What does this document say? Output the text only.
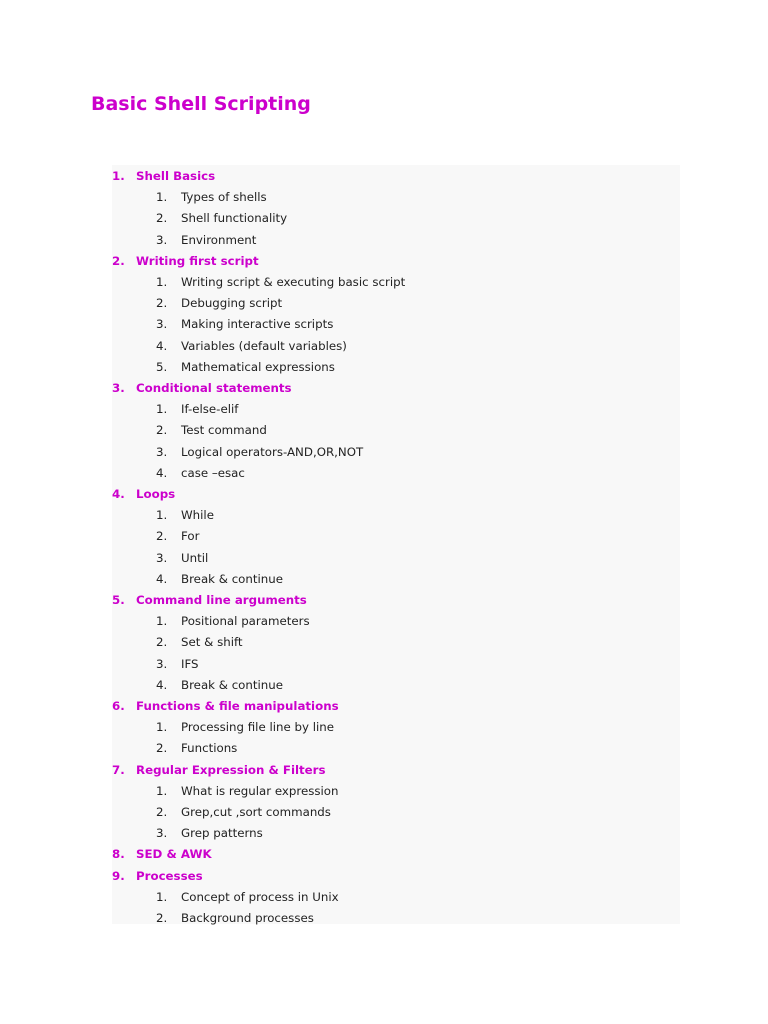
Basic Shell Scripting
1. Shell Basics
1.	Types of shells
2.	Shell functionality
3.	Environment
2. Writing first script
1.	Writing script & executing basic script
2.	Debugging script
3.	Making interactive scripts
4.	Variables (default variables)
5.	Mathematical expressions
3. Conditional statements
1.	If-else-elif
2.	Test command
3.	Logical operators-AND,OR,NOT
4.	case –esac
4. Loops
1.	While
2.	For
3.	Until
4.	Break & continue
5. Command line arguments
1.	Positional parameters
2.	Set & shift
3.	IFS
4.	Break & continue
6. Functions & file manipulations
1.	Processing file line by line
2.	Functions
7. Regular Expression & Filters
1.	What is regular expression
2.	Grep,cut ,sort commands
3.	Grep patterns
8. SED & AWK
9. Processes
1.	Concept of process in Unix
2.	Background processes
